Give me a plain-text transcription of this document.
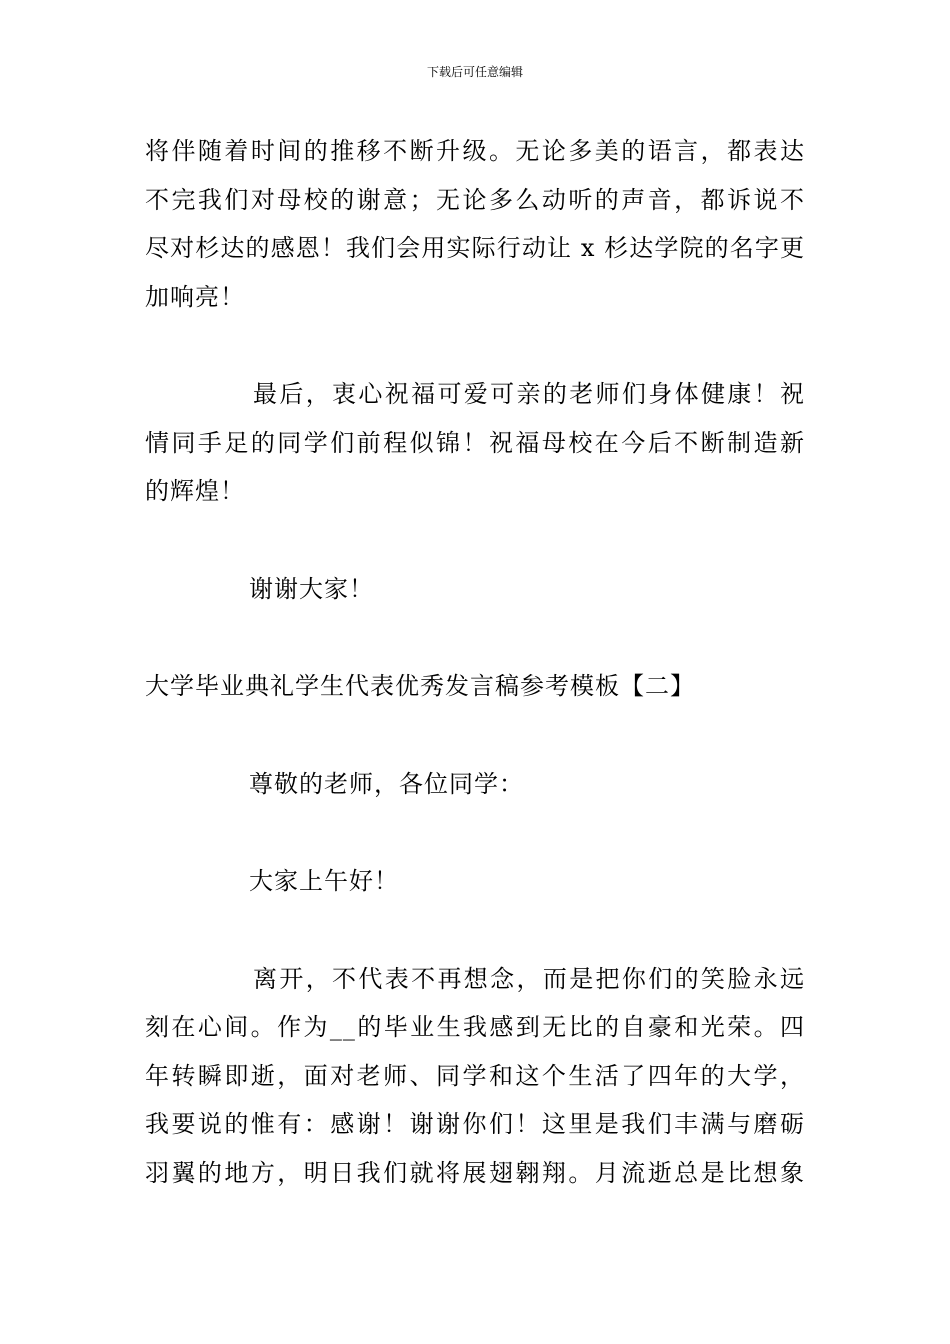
下载后可任意编辑
将伴随着时间的推移不断升级。无论多美的语言，都表达
不完我们对母校的谢意；无论多么动听的声音，都诉说不
尽对杉达的感恩！我们会用实际行动让 x 杉达学院的名字更
加响亮！
最后，衷心祝福可爱可亲的老师们身体健康！祝
情同手足的同学们前程似锦！祝福母校在今后不断制造新
的辉煌！
谢谢大家！
大学毕业典礼学生代表优秀发言稿参考模板【二】
尊敬的老师，各位同学：
大家上午好！
离开，不代表不再想念，而是把你们的笑脸永远
刻在心间。作为__的毕业生我感到无比的自豪和光荣。四
年转瞬即逝，面对老师、同学和这个生活了四年的大学，
我要说的惟有：感谢！谢谢你们！这里是我们丰满与磨砺
羽翼的地方，明日我们就将展翅翱翔。月流逝总是比想象
